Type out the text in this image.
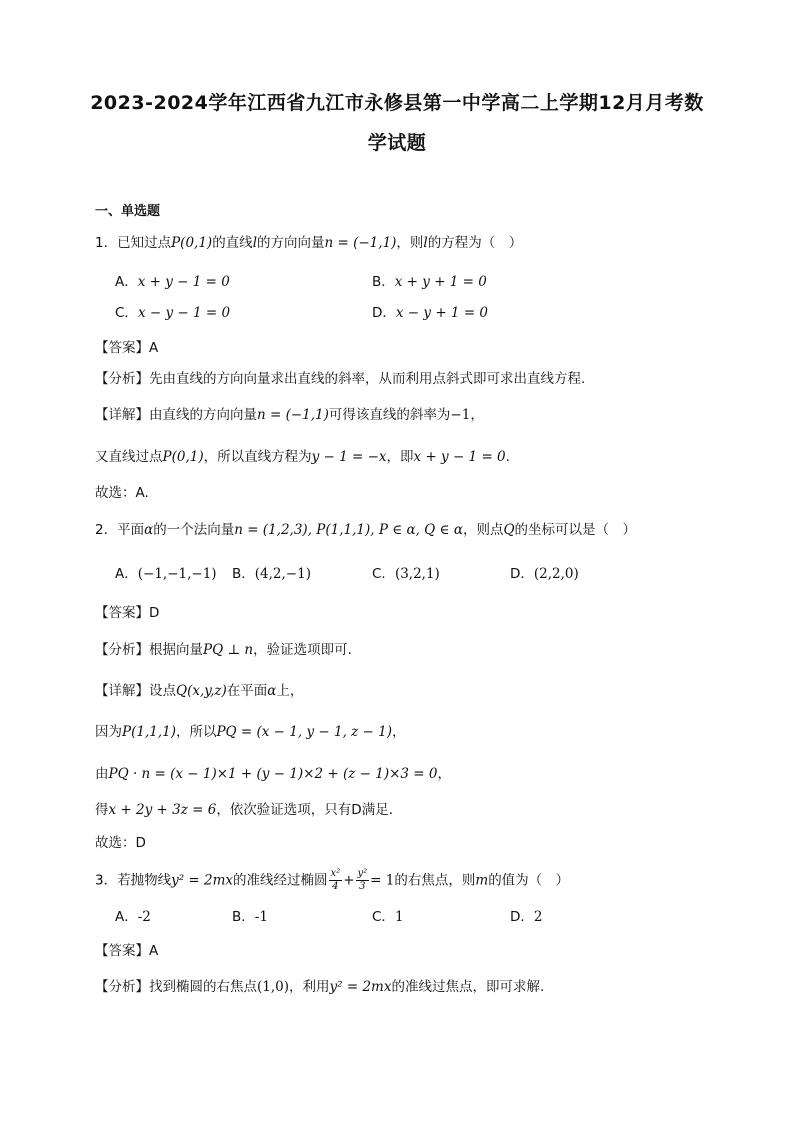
2023-2024学年江西省九江市永修县第一中学高二上学期12月月考数
学试题
一、单选题
1．已知过点P(0,1)的直线l的方向向量n = (−1,1)，则l的方程为（　）
A．x + y − 1 = 0	B．x + y + 1 = 0
C．x − y − 1 = 0	D．x − y + 1 = 0
【答案】A
【分析】先由直线的方向向量求出直线的斜率，从而利用点斜式即可求出直线方程.
【详解】由直线的方向向量n = (−1,1)可得该直线的斜率为−1，
又直线过点P(0,1)，所以直线方程为y − 1 = −x，即x + y − 1 = 0.
故选：A.
2．平面α的一个法向量n = (1,2,3), P(1,1,1), P ∈ α, Q ∈ α，则点Q的坐标可以是（　）
A．(−1,−1,−1) B．(4,2,−1)	C．(3,2,1)	D．(2,2,0)
【答案】D
【分析】根据向量PQ ⊥ n，验证选项即可.
【详解】设点Q(x,y,z)在平面α上，
因为P(1,1,1)，所以PQ = (x − 1, y − 1, z − 1)，
由PQ · n = (x − 1)×1 + (y − 1)×2 + (z − 1)×3 = 0，
得x + 2y + 3z = 6，依次验证选项，只有D满足.
故选：D
3．若抛物线y² = 2mx的准线经过椭圆 $\frac{\text{x²}}{4} + \frac{\text{y²}}{3} = 1$的右焦点，则m的值为（　）
A．-2	B．-1	C．1	D．2
【答案】A
【分析】找到椭圆的右焦点(1,0)，利用y² = 2mx的准线过焦点，即可求解.
